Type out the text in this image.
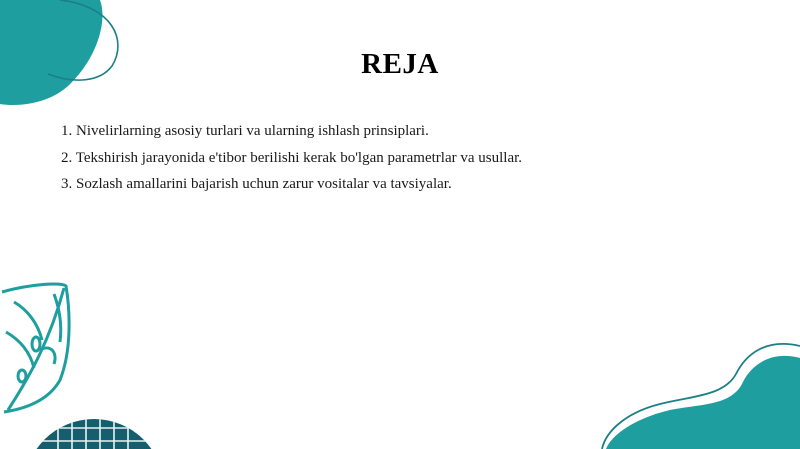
REJA
1. Nivelirlarning asosiy turlari va ularning ishlash prinsiplari.
2. Tekshirish jarayonida e'tibor berilishi kerak bo'lgan parametrlar va usullar.
3. Sozlash amallarini bajarish uchun zarur vositalar va tavsiyalar.
